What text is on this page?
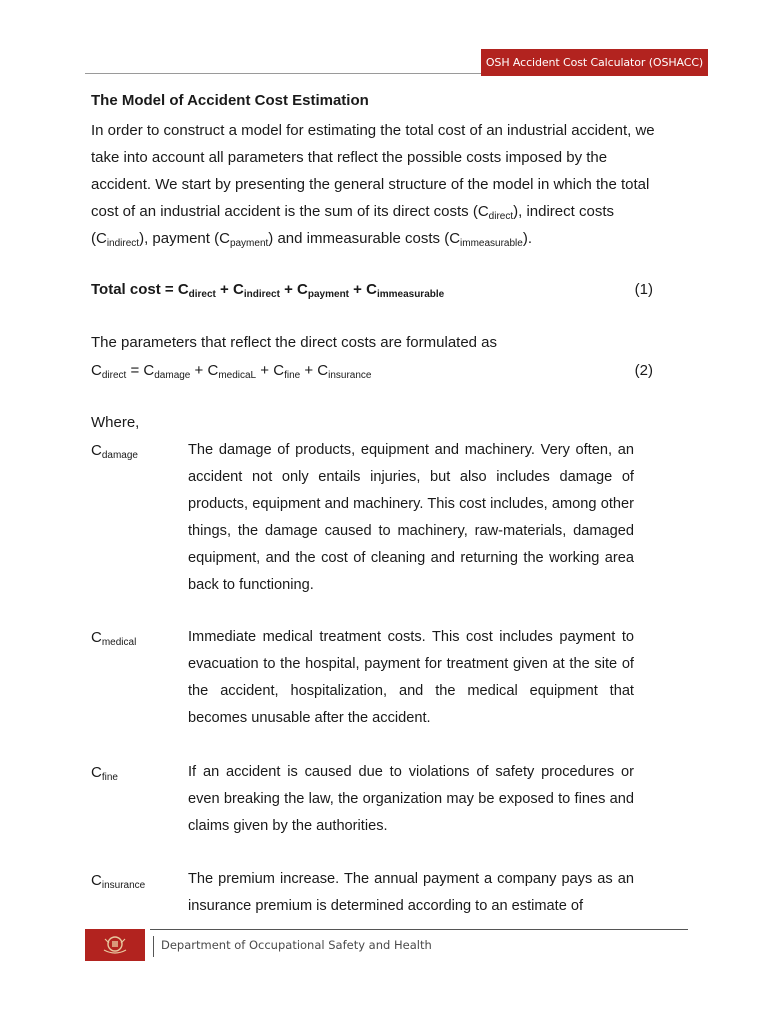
OSH Accident Cost Calculator (OSHACC)
The Model of Accident Cost Estimation

In order to construct a model for estimating the total cost of an industrial accident, we take into account all parameters that reflect the possible costs imposed by the accident. We start by presenting the general structure of the model in which the total cost of an industrial accident is the sum of its direct costs $(C_{direct})$, indirect costs $(C_{indirect})$, payment $(C_{payment})$ and immeasurable costs $(C_{immeasurable})$.

Total $\cos t = C_{direct} + C_{indirect} + C_{payment} + C_{immeasurable}$	(1)

The parameters that reflect the direct costs are formulated as

$C_{direct} = C_{damage} + C_{medicaL} + C_{fine} + C_{insurance}$	(2)

Where,

$C_{damage}$	The damage of products, equipment and machinery. Very often, an accident not only entails injuries, but also includes damage of products, equipment and machinery. This cost includes, among other things, the damage caused to machinery, raw-materials, damaged equipment, and the cost of cleaning and returning the working area back to functioning.

$C_{medical}$	Immediate medical treatment costs. This cost includes payment to evacuation to the hospital, payment for treatment given at the site of the accident, hospitalization, and the medical equipment that becomes unusable after the accident.

$C_{fine}$	If an accident is caused due to violations of safety procedures or even breaking the law, the organization may be exposed to fines and claims given by the authorities.

$C_{insurance}$	The premium increase. The annual payment a company pays as an insurance premium is determined according to an estimate of

Department of Occupational Safety and Health
